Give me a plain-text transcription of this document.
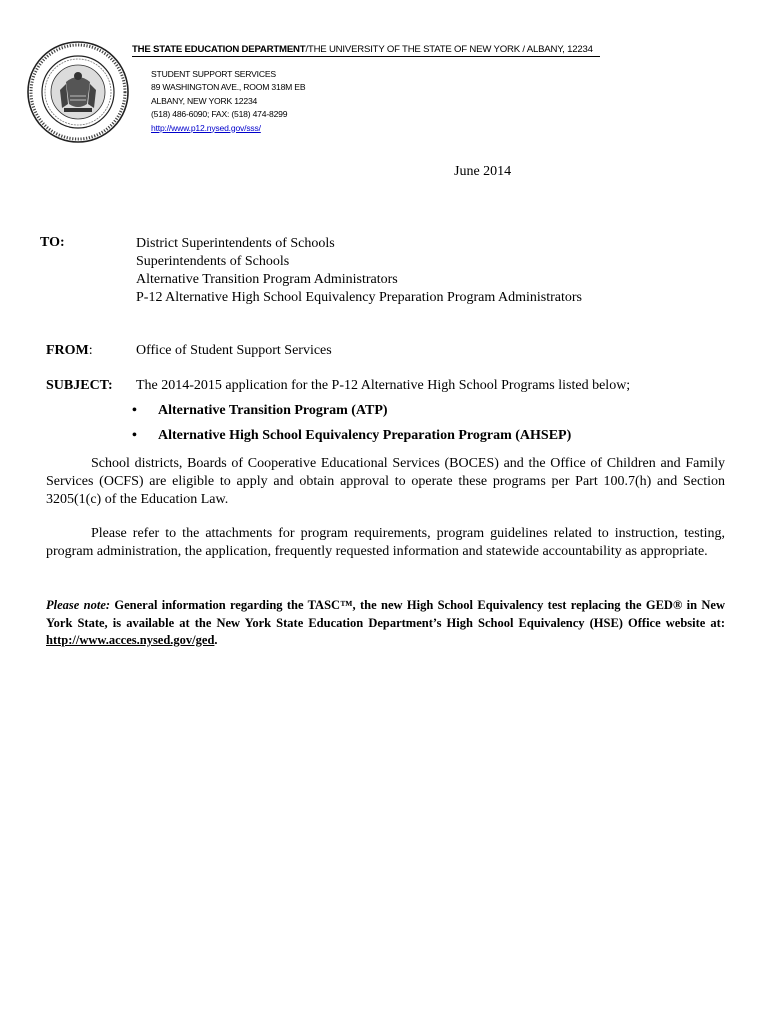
THE STATE EDUCATION DEPARTMENT/THE UNIVERSITY OF THE STATE OF NEW YORK / ALBANY, 12234
STUDENT SUPPORT SERVICES
89 WASHINGTON AVE., ROOM 318M EB
ALBANY, NEW YORK 12234
(518) 486-6090; FAX: (518) 474-8299
http://www.p12.nysed.gov/sss/
June 2014
TO:	District Superintendents of Schools
Superintendents of Schools
Alternative Transition Program Administrators
P-12 Alternative High School Equivalency Preparation Program Administrators
FROM:	Office of Student Support Services
SUBJECT: The 2014-2015 application for the P-12 Alternative High School Programs listed below;
•	Alternative Transition Program (ATP)
•	Alternative High School Equivalency Preparation Program (AHSEP)
School districts, Boards of Cooperative Educational Services (BOCES) and the Office of Children and Family Services (OCFS) are eligible to apply and obtain approval to operate these programs per Part 100.7(h) and Section 3205(1(c) of the Education Law.
Please refer to the attachments for program requirements, program guidelines related to instruction, testing, program administration, the application, frequently requested information and statewide accountability as appropriate.
Please note: General information regarding the TASC™, the new High School Equivalency test replacing the GED® in New York State, is available at the New York State Education Department’s High School Equivalency (HSE) Office website at: http://www.acces.nysed.gov/ged.
